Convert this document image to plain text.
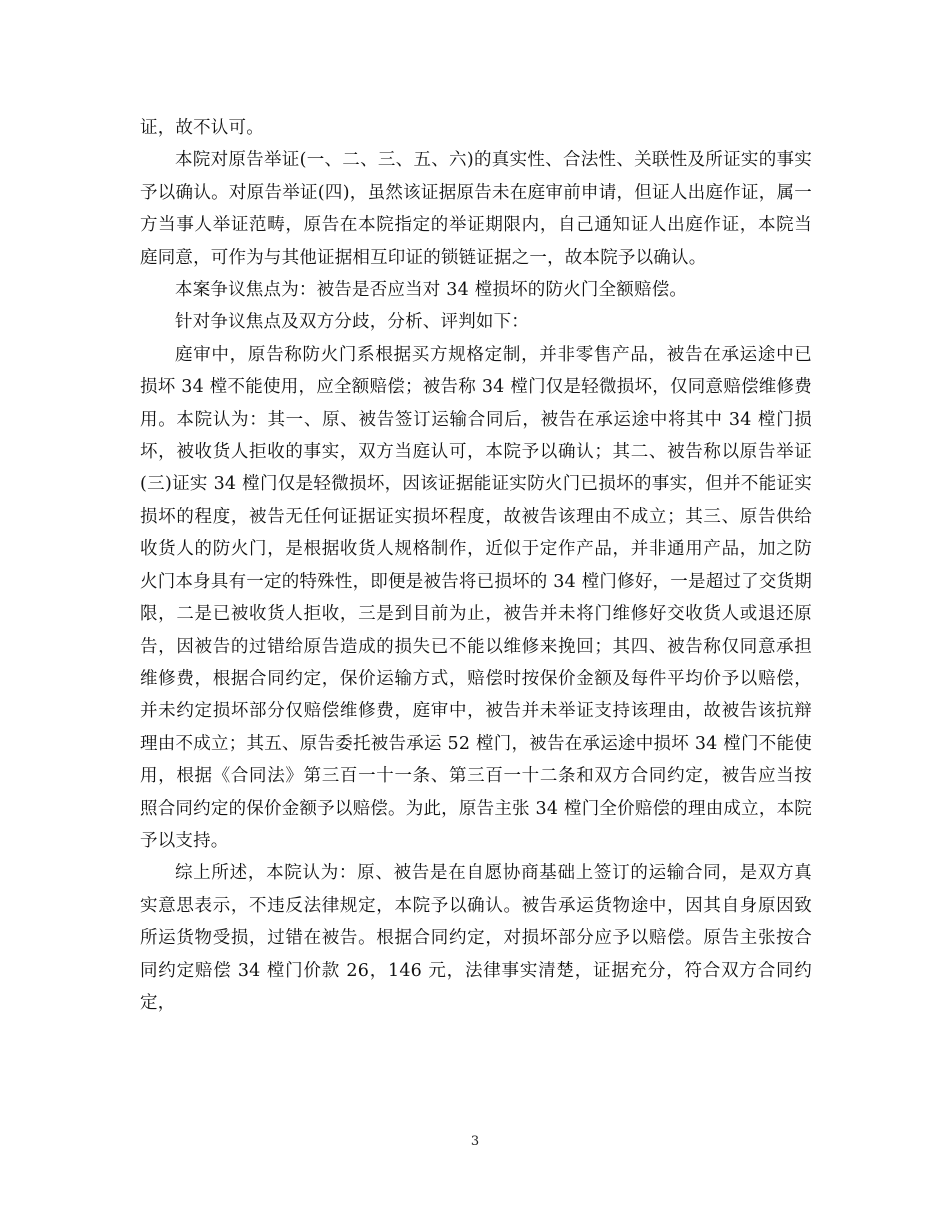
证，故不认可。

本院对原告举证(一、二、三、五、六)的真实性、合法性、关联性及所证实的事实予以确认。对原告举证(四)，虽然该证据原告未在庭审前申请，但证人出庭作证，属一方当事人举证范畴，原告在本院指定的举证期限内，自己通知证人出庭作证，本院当庭同意，可作为与其他证据相互印证的锁链证据之一，故本院予以确认。

本案争议焦点为：被告是否应当对 34 樘损坏的防火门全额赔偿。

针对争议焦点及双方分歧，分析、评判如下：

庭审中，原告称防火门系根据买方规格定制，并非零售产品，被告在承运途中已损坏 34 樘不能使用，应全额赔偿；被告称 34 樘门仅是轻微损坏，仅同意赔偿维修费用。本院认为：其一、原、被告签订运输合同后，被告在承运途中将其中 34 樘门损坏，被收货人拒收的事实，双方当庭认可，本院予以确认；其二、被告称以原告举证(三)证实 34 樘门仅是轻微损坏，因该证据能证实防火门已损坏的事实，但并不能证实损坏的程度，被告无任何证据证实损坏程度，故被告该理由不成立；其三、原告供给收货人的防火门，是根据收货人规格制作，近似于定作产品，并非通用产品，加之防火门本身具有一定的特殊性，即便是被告将已损坏的 34 樘门修好，一是超过了交货期限，二是已被收货人拒收，三是到目前为止，被告并未将门维修好交收货人或退还原告，因被告的过错给原告造成的损失已不能以维修来挽回；其四、被告称仅同意承担维修费，根据合同约定，保价运输方式，赔偿时按保价金额及每件平均价予以赔偿，并未约定损坏部分仅赔偿维修费，庭审中，被告并未举证支持该理由，故被告该抗辩理由不成立；其五、原告委托被告承运 52 樘门，被告在承运途中损坏 34 樘门不能使用，根据《合同法》第三百一十一条、第三百一十二条和双方合同约定，被告应当按照合同约定的保价金额予以赔偿。为此，原告主张 34 樘门全价赔偿的理由成立，本院予以支持。

综上所述，本院认为：原、被告是在自愿协商基础上签订的运输合同，是双方真实意思表示，不违反法律规定，本院予以确认。被告承运货物途中，因其自身原因致所运货物受损，过错在被告。根据合同约定，对损坏部分应予以赔偿。原告主张按合同约定赔偿 34 樘门价款 26，146 元，法律事实清楚，证据充分，符合双方合同约定，

3
